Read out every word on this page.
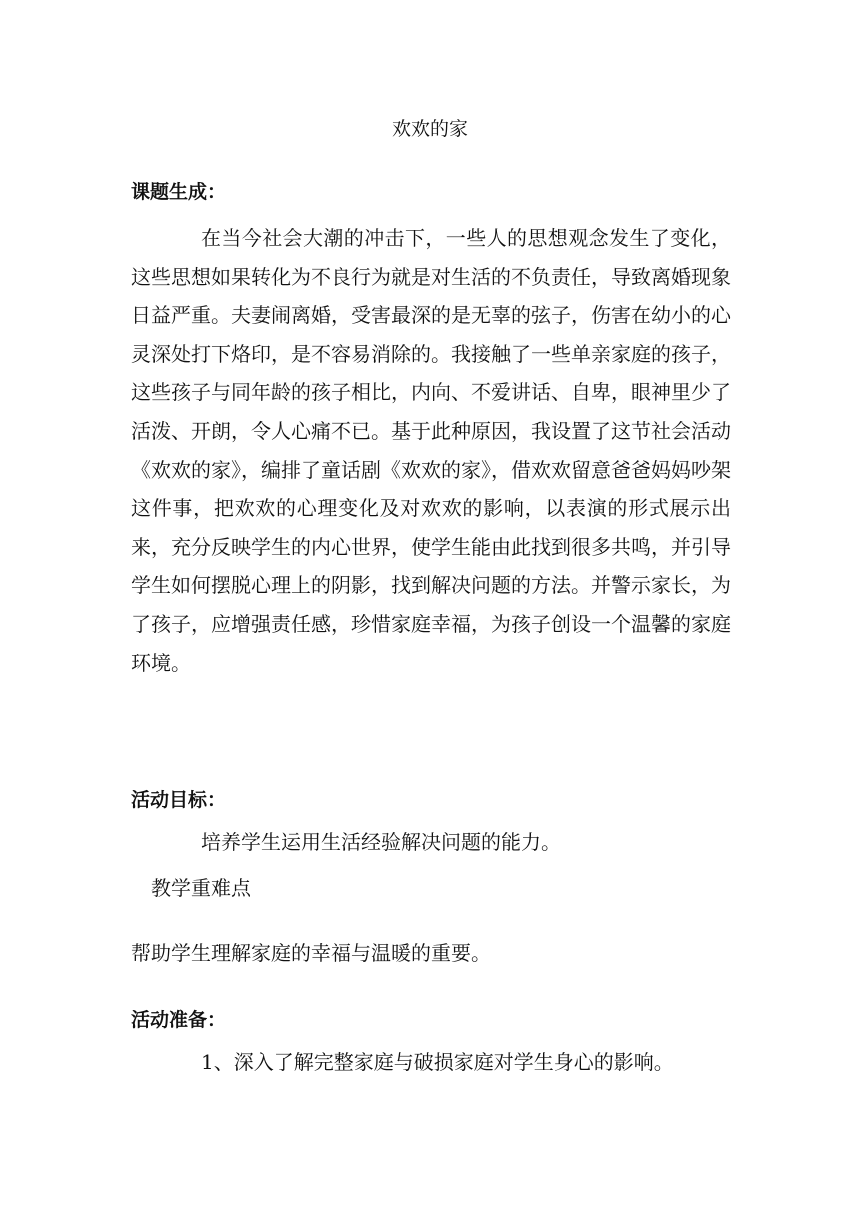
欢欢的家
课题生成：
在当今社会大潮的冲击下，一些人的思想观念发生了变化，这些思想如果转化为不良行为就是对生活的不负责任，导致离婚现象日益严重。夫妻闹离婚，受害最深的是无辜的弦子，伤害在幼小的心灵深处打下烙印，是不容易消除的。我接触了一些单亲家庭的孩子，这些孩子与同年龄的孩子相比，内向、不爱讲话、自卑，眼神里少了活泼、开朗，令人心痛不已。基于此种原因，我设置了这节社会活动《欢欢的家》，编排了童话剧《欢欢的家》，借欢欢留意爸爸妈妈吵架这件事，把欢欢的心理变化及对欢欢的影响，以表演的形式展示出来，充分反映学生的内心世界，使学生能由此找到很多共鸣，并引导学生如何摆脱心理上的阴影，找到解决问题的方法。并警示家长，为了孩子，应增强责任感，珍惜家庭幸福，为孩子创设一个温馨的家庭环境。
活动目标：
培养学生运用生活经验解决问题的能力。
教学重难点
帮助学生理解家庭的幸福与温暖的重要。
活动准备：
1、深入了解完整家庭与破损家庭对学生身心的影响。
